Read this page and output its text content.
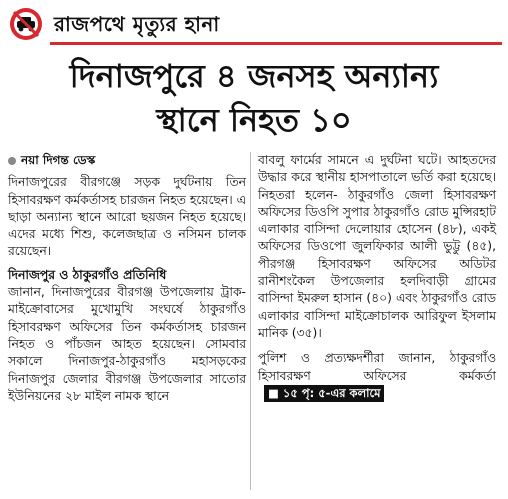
রাজপথে মৃত্যুর হানা
দিনাজপুরে ৪ জনসহ অন্যান্য
স্থানে নিহত ১০

নয়া দিগন্ত ডেস্ক

দিনাজপুরের বীরগঞ্জে সড়ক দুর্ঘটনায় তিন হিসাবরক্ষণ কর্মকর্তাসহ চারজন নিহত হয়েছেন। এ ছাড়া অন্যান্য স্থানে আরো ছয়জন নিহত হয়েছে। এদের মধ্যে শিশু, কলেজছাত্র ও নসিমন চালক রয়েছেন।

দিনাজপুর ও ঠাকুরগাঁও প্রতিনিধি

জানান, দিনাজপুরের বীরগঞ্জ উপজেলায় ট্রাক-মাইক্রোবাসের মুখোমুখি সংঘর্ষে ঠাকুরগাঁও হিসাবরক্ষণ অফিসের তিন কর্মকর্তাসহ চারজন নিহত ও পাঁচজন আহত হয়েছেন। সোমবার সকালে দিনাজপুর-ঠাকুরগাঁও মহাসড়কের দিনাজপুর জেলার বীরগঞ্জ উপজেলার সাতোর ইউনিয়নের ২৮ মাইল নামক স্থানে

বাবলু ফার্মের সামনে এ দুর্ঘটনা ঘটে। আহতদের উদ্ধার করে স্থানীয় হাসপাতালে ভর্তি করা হয়েছে। নিহতরা হলেন- ঠাকুরগাঁও জেলা হিসাবরক্ষণ অফিসের ডিওপি সুপার ঠাকুরগাঁও রোড মুন্সিরহাট এলাকার বাসিন্দা দেলোয়ার হোসেন (৪৮), একই অফিসের ডিওপো জুলফিকার আলী ভুট্টু (৪৫), পীরগঞ্জ হিসাবরক্ষণ অফিসের অডিটর রানীশংকৈল উপজেলার হলদিবাড়ী গ্রামের বাসিন্দা ইমরুল হাসান (৪০) এবং ঠাকুরগাঁও রোড এলাকার বাসিন্দা মাইক্রোচালক আরিফুল ইসলাম মানিক (৩৫)।

পুলিশ ও প্রত্যক্ষদর্শীরা জানান, ঠাকুরগাঁও হিসাবরক্ষণ অফিসের কর্মকর্তা■ ১৫ পৃ: ৫-এর কলামে
